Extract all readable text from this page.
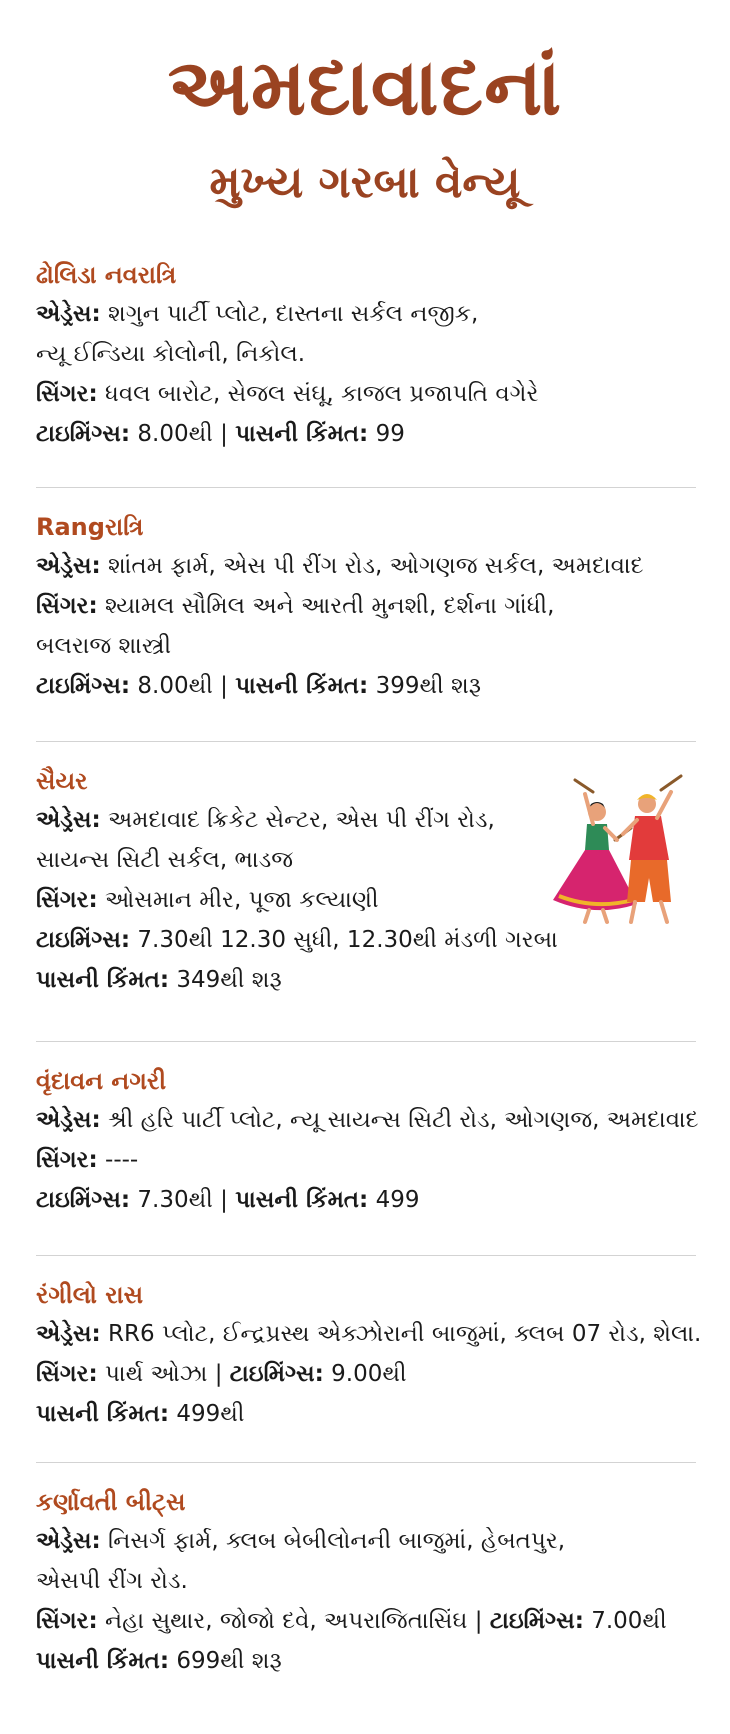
અમદાવાદનાં
મુખ્ય ગરબા વેન્યૂ

ઢોલિડા નવરાત્રિ

એડ્રેસ: શગુન પાર્ટી પ્લોટ, દાસ્તના સર્કલ નજીક,

ન્યૂ ઈન્ડિયા કોલોની, નિકોલ.

સિંગર: ધવલ બારોટ, સેજલ સંઘૂ, કાજલ પ્રજાપતિ વગેરે

ટાઇમિંગ્સ: 8.00થી | પાસની કિંમત: 99

Rangરાત્રિ

એડ્રેસ: શાંતમ ફાર્મ, એસ પી રીંગ રોડ, ઓગણજ સર્કલ, અમદાવાદ

સિંગર: શ્યામલ સૌમિલ અને આરતી મુનશી, દર્શના ગાંધી,

બલરાજ શાસ્ત્રી

ટાઇમિંગ્સ: 8.00થી | પાસની કિંમત: 399થી શરૂ

સૈયર

એડ્રેસ: અમદાવાદ ક્રિકેટ સેન્ટર, એસ પી રીંગ રોડ,

સાયન્સ સિટી સર્કલ, ભાડજ

સિંગર: ઓસમાન મીર, પૂજા કલ્યાણી

ટાઇમિંગ્સ: 7.30થી 12.30 સુધી, 12.30થી મંડળી ગરબા

પાસની કિંમત: 349થી શરૂ

વૃંદાવન નગરી

એડ્રેસ: શ્રી હરિ પાર્ટી પ્લોટ, ન્યૂ સાયન્સ સિટી રોડ, ઓગણજ, અમદાવાદ

સિંગર: ----

ટાઇમિંગ્સ: 7.30થી | પાસની કિંમત: 499

રંગીલો રાસ

એડ્રેસ: RR6 પ્લોટ, ઈન્દ્રપ્રસ્થ એક્ઝોરાની બાજુમાં, ક્લબ 07 રોડ, શેલા.

સિંગર: પાર્થ ઓઝા | ટાઇમિંગ્સ: 9.00થી

પાસની કિંમત: 499થી

કર્ણાવતી બીટ્સ

એડ્રેસ: નિસર્ગ ફાર્મ, ક્લબ બેબીલોનની બાજુમાં, હેબતપુર,

એસપી રીંગ રોડ.

સિંગર: નેહા સુથાર, જોજો દવે, અપરાજિતાસિંઘ | ટાઇમિંગ્સ: 7.00થી

પાસની કિંમત: 699થી શરૂ
